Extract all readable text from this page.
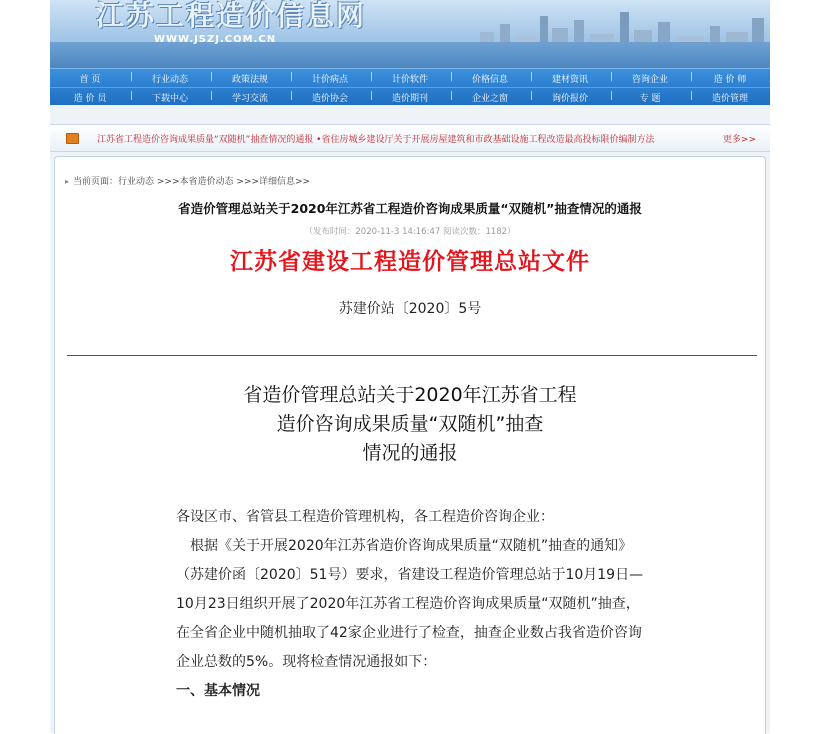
江苏工程造价信息网
WWW.JSZJ.COM.CN
首 页	| 行业动态	| 政策法规	| 计价病点	| 计价软件	| 价格信息	| 建材资讯	| 咨询企业	| 造 价 师
造 价 员	| 下载中心	| 学习交流	| 造价协会	| 造价期刊	| 企业之窗	| 询价报价	| 专 题	| 造价管理
江苏省工程造价咨询成果质量“双随机”抽查情况的通报 •省住房城乡建设厅关于开展房屋建筑和市政基础设施工程改造最高投标限价编制方法	更多>>
▸ 当前页面：行业动态 >>>本省造价动态 >>>详细信息>>
省造价管理总站关于2020年江苏省工程造价咨询成果质量“双随机”抽查情况的通报
（发布时间：2020-11-3 14:16:47 阅读次数：1182）
江苏省建设工程造价管理总站文件
苏建价站〔2020〕5号
省造价管理总站关于2020年江苏省工程
造价咨询成果质量“双随机”抽查
情况的通报

各设区市、省管县工程造价管理机构，各工程造价咨询企业：

根据《关于开展2020年江苏省造价咨询成果质量“双随机”抽查的通知》（苏建价函〔2020〕51号）要求，省建设工程造价管理总站于10月19日—10月23日组织开展了2020年江苏省工程造价咨询成果质量“双随机”抽查，在全省企业中随机抽取了42家企业进行了检查，抽查企业数占我省造价咨询企业总数的5%。现将检查情况通报如下：

一、基本情况
